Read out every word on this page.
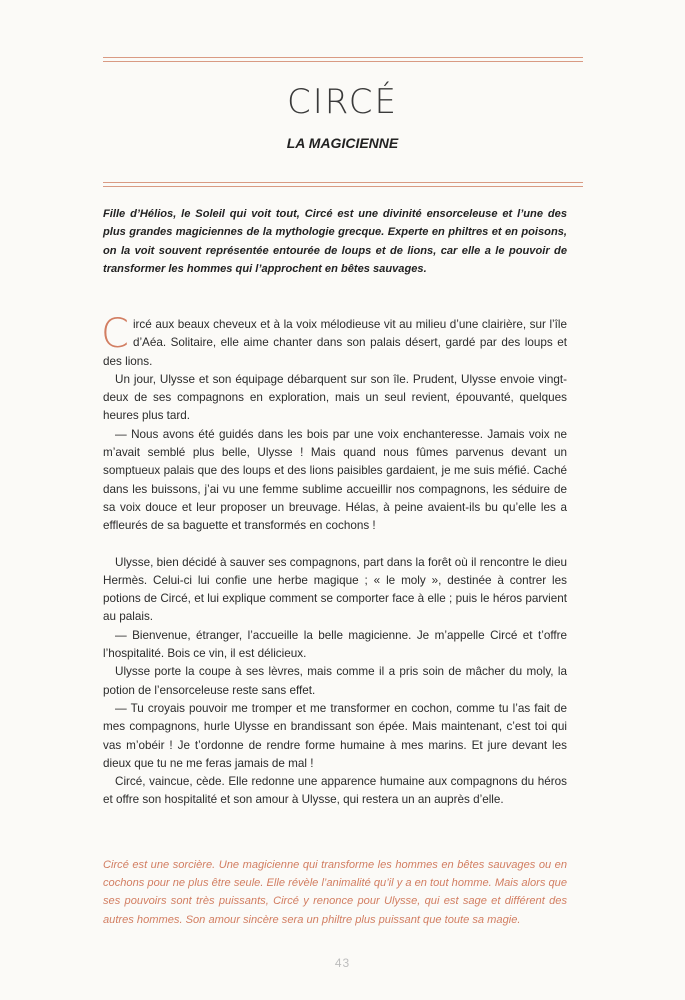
CIRCÉ
LA MAGICIENNE

Fille d’Hélios, le Soleil qui voit tout, Circé est une divinité ensorceleuse et l’une des plus grandes magiciennes de la mythologie grecque. Experte en philtres et en poisons, on la voit souvent représentée entourée de loups et de lions, car elle a le pouvoir de transformer les hommes qui l’approchent en bêtes sauvages.

Circé aux beaux cheveux et à la voix mélodieuse vit au milieu d’une clairière, sur l’île d’Aéa. Solitaire, elle aime chanter dans son palais désert, gardé par des loups et des lions.

Un jour, Ulysse et son équipage débarquent sur son île. Prudent, Ulysse envoie vingt-deux de ses compagnons en exploration, mais un seul revient, épouvanté, quelques heures plus tard.

— Nous avons été guidés dans les bois par une voix enchanteresse. Jamais voix ne m’avait semblé plus belle, Ulysse ! Mais quand nous fûmes parvenus devant un somptueux palais que des loups et des lions paisibles gardaient, je me suis méfié. Caché dans les buissons, j’ai vu une femme sublime accueillir nos compagnons, les séduire de sa voix douce et leur proposer un breuvage. Hélas, à peine avaient-ils bu qu’elle les a effleurés de sa baguette et transformés en cochons !

Ulysse, bien décidé à sauver ses compagnons, part dans la forêt où il rencontre le dieu Hermès. Celui-ci lui confie une herbe magique ; « le moly », destinée à contrer les potions de Circé, et lui explique comment se comporter face à elle ; puis le héros parvient au palais.

— Bienvenue, étranger, l’accueille la belle magicienne. Je m’appelle Circé et t’offre l’hospitalité. Bois ce vin, il est délicieux.

Ulysse porte la coupe à ses lèvres, mais comme il a pris soin de mâcher du moly, la potion de l’ensorceleuse reste sans effet.

— Tu croyais pouvoir me tromper et me transformer en cochon, comme tu l’as fait de mes compagnons, hurle Ulysse en brandissant son épée. Mais maintenant, c’est toi qui vas m’obéir ! Je t’ordonne de rendre forme humaine à mes marins. Et jure devant les dieux que tu ne me feras jamais de mal !

Circé, vaincue, cède. Elle redonne une apparence humaine aux compagnons du héros et offre son hospitalité et son amour à Ulysse, qui restera un an auprès d’elle.

Circé est une sorcière. Une magicienne qui transforme les hommes en bêtes sauvages ou en cochons pour ne plus être seule. Elle révèle l’animalité qu’il y a en tout homme. Mais alors que ses pouvoirs sont très puissants, Circé y renonce pour Ulysse, qui est sage et différent des autres hommes. Son amour sincère sera un philtre plus puissant que toute sa magie.

43
